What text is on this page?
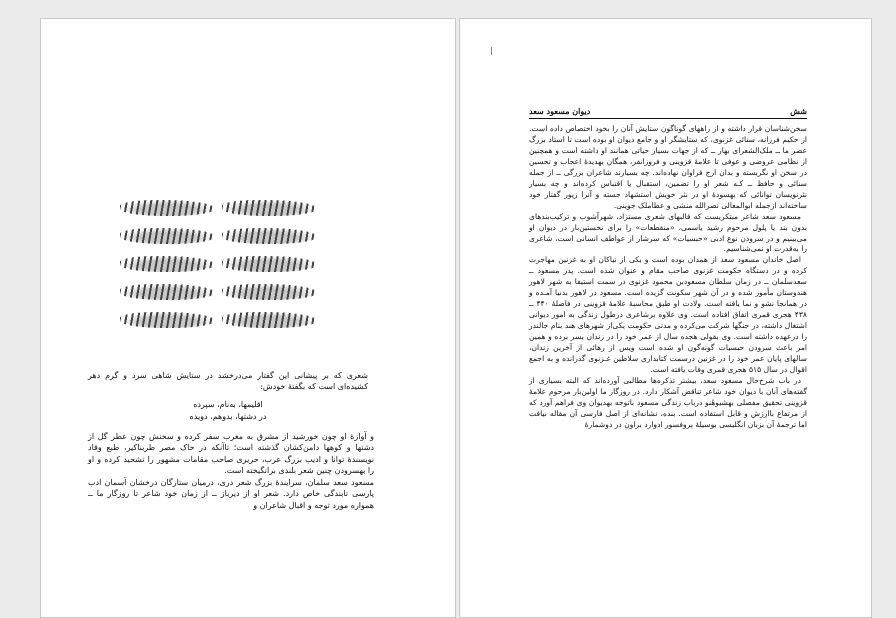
شعری که بر پیشانی این گفتار می‌درخشد در ستایش شاهی سرد و گرم دهر کشیده‌ای است که بگفتهٔ خودش:

اقلیمها، به‌نام، سپرده
در دشتها، بدوهم، دویده

و آوازهٔ او چون خورشید از مشرق به مغرب سفر کرده و سخنش چون عطر گل از دشتها و کوهها دامن‌کشان گذشته است؛ تاآنکه در خاک مصر طربناکیر، طبع وقاد نویسندهٔ توانا و ادیب بزرگ عرب، حریری صاحب مقامات مشهور را تشحید کرده و او را بهسرودن چنین شعر بلندی برانگیخته است.

مسعود سعد سلمان، سرایندهٔ بزرگ شعر دری، درمیان ستارگان درخشان آسمان ادب پارسی تابندگی خاص دارد. شعر او از دیرباز ــ از زمان خود شاعر تا روزگار ما ــ همواره مورد توجه و اقبال شاعران و

شش
دیوان مسعود سعد

سخن‌شناسان قرار داشته و از راههای گوناگون ستایش آنان را بخود اختصاص داده است. از حکیم فرزانه، سنائی غزنوی، که ستایشگر او و جامع دیوان او بوده است تا استاد بزرگ عصر ما ــ ملک‌الشعرای بهار ــ که از جهات بسیار حیاتی همانند او داشته است و همچنین از نظامی عروضی و عوفی تا علامهٔ قزوینی و فروزانفر، همگان بهدیدهٔ اعجاب و تحسین در سخن او نگریسته و بدان ارج فراوان نهاده‌اند. چه بسیارند شاعران بزرگی ــ از جمله سنائی و حافظ ــ کـه شعر او را تضمین، استقبال یا اقتباس کرده‌اند و چه بسیار نثرنویسان توانائی که بهسودهٔ او در نثر خویش استشهاد جسته و آنرا زیور گفتار خود ساخته‌اند ازجمله ابوالمعالی نصرالله منشی و عطاملک جوینی.

مسعود سعد شاعر مبتکریست که قالبهای شعری مستزاد، شهرآشوب و ترکیب‌بندهای بدون بند یا پلول مرحوم رشید یاسمی، «منقطعات» را برای نخستین‌بار در دیوان او می‌بینیم و در سرودن نوع ادبی «حبسیات» که سرشار از عواطف انسانی است، شاعری را به‌قدرت او نمی‌شناسیم.

اصل خاندان مسعود سعد از همدان بوده است و یکی از نیاکان او به غزنین مهاجرت کرده و در دستگاه حکومت غزنوی صاحب مقام و عنوان شده است. پدر مسعود ــ سعدسلمان ــ در زمان سلطان مسعودبن محمود غزنوی در سمت استیفا به شهر لاهور هندوستان مأمور شده و در آن شهر سکونت گزیده است. مسعود در لاهور بدنیا آمـده و در همانجا نشو و نما یافته است. ولادت او طبق محاسبهٔ علامهٔ قزوینی در فاصلهٔ ۴۴۰ ــ ۴۳۸ هجری قمری اتفاق افتاده است. وی علاوه برشاعری درطول زندگی به امور دیوانی اشتغال داشته، در جنگها شرکت می‌کرده و مدتی حکومت یکی‌از شهرهای هند بنام جالندر را درعهده داشته است. وی بقولی هجده سال از عمر خود را در زندان بسر برده و همین امر باعث سرودن حبسیات گونه‌گون او شده است ویس از رهائی از آخرین زندان، سالهای پایان عمر خود را در غزنین درسمت کتابداری سلاطین غـزنوی گذرانده و به اجمع اقوال در سال ۵۱۵ هجری قمری وفات یافته است.

در باب شرح‌حال مسعود سعد، بیشتر تذکره‌ها مطالبی آورده‌اند که البته بسیاری از گفته‌های آنان با دیوان خود شاعر تناقض آشکار دارد. در روزگار ما اولین‌بار مرحوم علامهٔ قزوینی تحقیق مفصلی بهشیوهٔنو درباب زندگی مسعود باتوجه بهدیوان وی فراهم آورد که از مرتفاع باارزش و قابل استفاده است. بنده، نشانه‌ای از اصل فارسی آن مقاله نیافت اما ترجمهٔ آن بزبان انگلیسی بوسیلهٔ پروفسور ادوارد براون در دوشمارهٔ
